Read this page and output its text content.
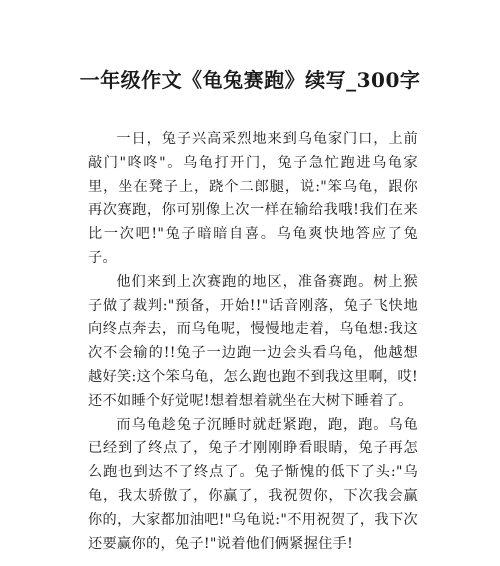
一年级作文《龟兔赛跑》续写_300字

一日，兔子兴高采烈地来到乌龟家门口，上前敲门"咚咚"。乌龟打开门，兔子急忙跑进乌龟家里，坐在凳子上，跷个二郎腿，说:"笨乌龟，跟你再次赛跑，你可别像上次一样在输给我哦!我们在来比一次吧!"兔子暗暗自喜。乌龟爽快地答应了兔子。

他们来到上次赛跑的地区，准备赛跑。树上猴子做了裁判:"预备，开始!!"话音刚落，兔子飞快地向终点奔去，而乌龟呢，慢慢地走着，乌龟想:我这次不会输的!!兔子一边跑一边会头看乌龟，他越想越好笑:这个笨乌龟，怎么跑也跑不到我这里啊，哎!还不如睡个好觉呢!想着想着就坐在大树下睡着了。

而乌龟趁兔子沉睡时就赶紧跑，跑，跑。乌龟已经到了终点了，兔子才刚刚睁看眼睛，兔子再怎么跑也到达不了终点了。兔子惭愧的低下了头:"乌龟，我太骄傲了，你赢了，我祝贺你，下次我会赢你的，大家都加油吧!"乌龟说:"不用祝贺了，我下次还要赢你的，兔子!"说着他们俩紧握住手!
